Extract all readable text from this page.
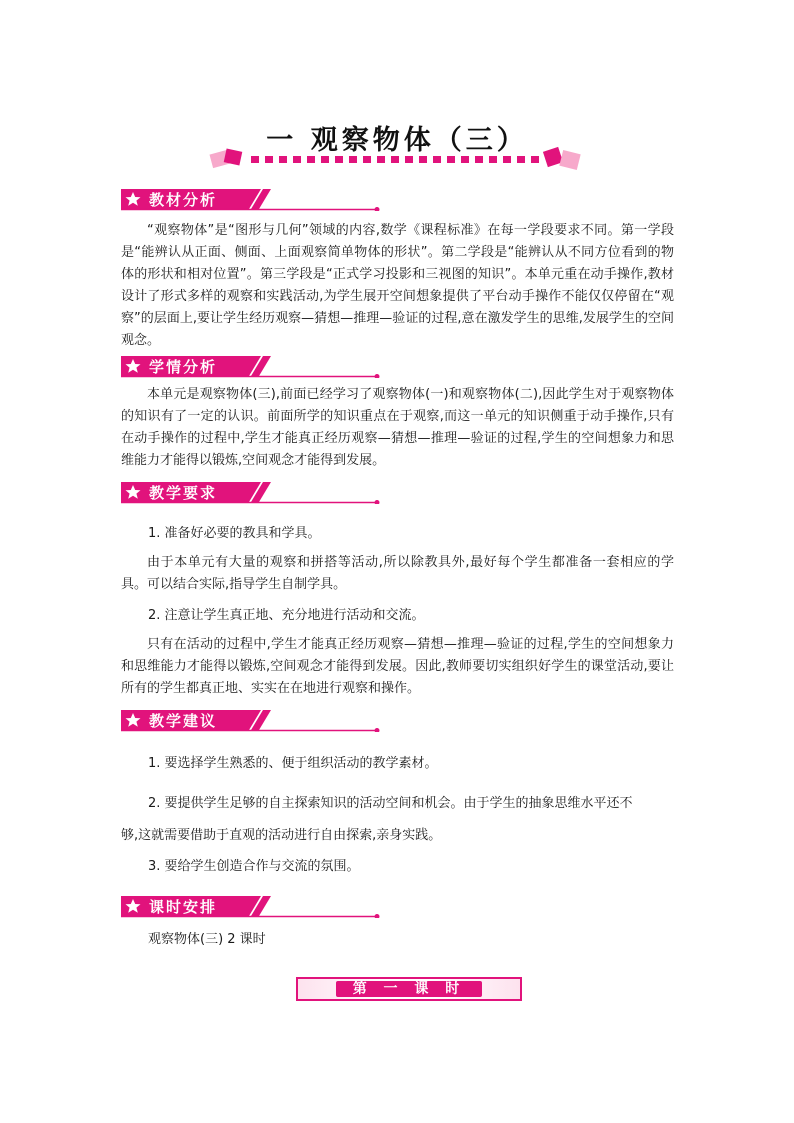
一 观察物体（三）
教材分析

“观察物体”是“图形与几何”领域的内容,数学《课程标准》在每一学段要求不同。第一学段是“能辨认从正面、侧面、上面观察简单物体的形状”。第二学段是“能辨认从不同方位看到的物体的形状和相对位置”。第三学段是“正式学习投影和三视图的知识”。本单元重在动手操作,教材设计了形式多样的观察和实践活动,为学生展开空间想象提供了平台动手操作不能仅仅停留在“观察”的层面上,要让学生经历观察—猜想—推理—验证的过程,意在激发学生的思维,发展学生的空间观念。

学情分析

本单元是观察物体(三),前面已经学习了观察物体(一)和观察物体(二),因此学生对于观察物体的知识有了一定的认识。前面所学的知识重点在于观察,而这一单元的知识侧重于动手操作,只有在动手操作的过程中,学生才能真正经历观察—猜想—推理—验证的过程,学生的空间想象力和思维能力才能得以锻炼,空间观念才能得到发展。

教学要求

1. 准备好必要的教具和学具。

由于本单元有大量的观察和拼搭等活动,所以除教具外,最好每个学生都准备一套相应的学具。可以结合实际,指导学生自制学具。

2. 注意让学生真正地、充分地进行活动和交流。

只有在活动的过程中,学生才能真正经历观察—猜想—推理—验证的过程,学生的空间想象力和思维能力才能得以锻炼,空间观念才能得到发展。因此,教师要切实组织好学生的课堂活动,要让所有的学生都真正地、实实在在地进行观察和操作。

教学建议

1. 要选择学生熟悉的、便于组织活动的教学素材。

2. 要提供学生足够的自主探索知识的活动空间和机会。由于学生的抽象思维水平还不

够,这就需要借助于直观的活动进行自由探索,亲身实践。

3. 要给学生创造合作与交流的氛围。

课时安排

观察物体(三) 2 课时

第 一 课 时
